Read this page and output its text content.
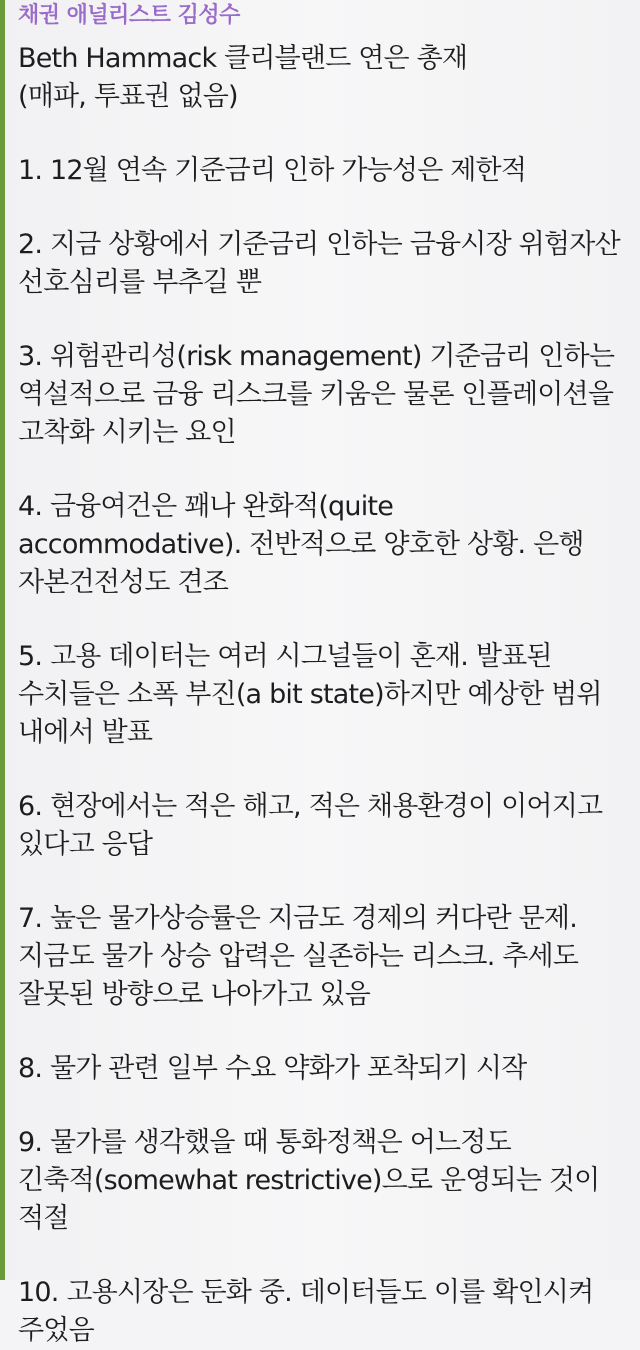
채권 애널리스트 김성수
Beth Hammack 클리블랜드 연은 총재
(매파, 투표권 없음)
1. 12월 연속 기준금리 인하 가능성은 제한적
2. 지금 상황에서 기준금리 인하는 금융시장 위험자산
선호심리를 부추길 뿐
3. 위험관리성(risk management) 기준금리 인하는
역설적으로 금융 리스크를 키움은 물론 인플레이션을
고착화 시키는 요인
4. 금융여건은 꽤나 완화적(quite
accommodative). 전반적으로 양호한 상황. 은행
자본건전성도 견조
5. 고용 데이터는 여러 시그널들이 혼재. 발표된
수치들은 소폭 부진(a bit state)하지만 예상한 범위
내에서 발표
6. 현장에서는 적은 해고, 적은 채용환경이 이어지고
있다고 응답
7. 높은 물가상승률은 지금도 경제의 커다란 문제.
지금도 물가 상승 압력은 실존하는 리스크. 추세도
잘못된 방향으로 나아가고 있음
8. 물가 관련 일부 수요 약화가 포착되기 시작
9. 물가를 생각했을 때 통화정책은 어느정도
긴축적(somewhat restrictive)으로 운영되는 것이
적절
10. 고용시장은 둔화 중. 데이터들도 이를 확인시켜
주었음
